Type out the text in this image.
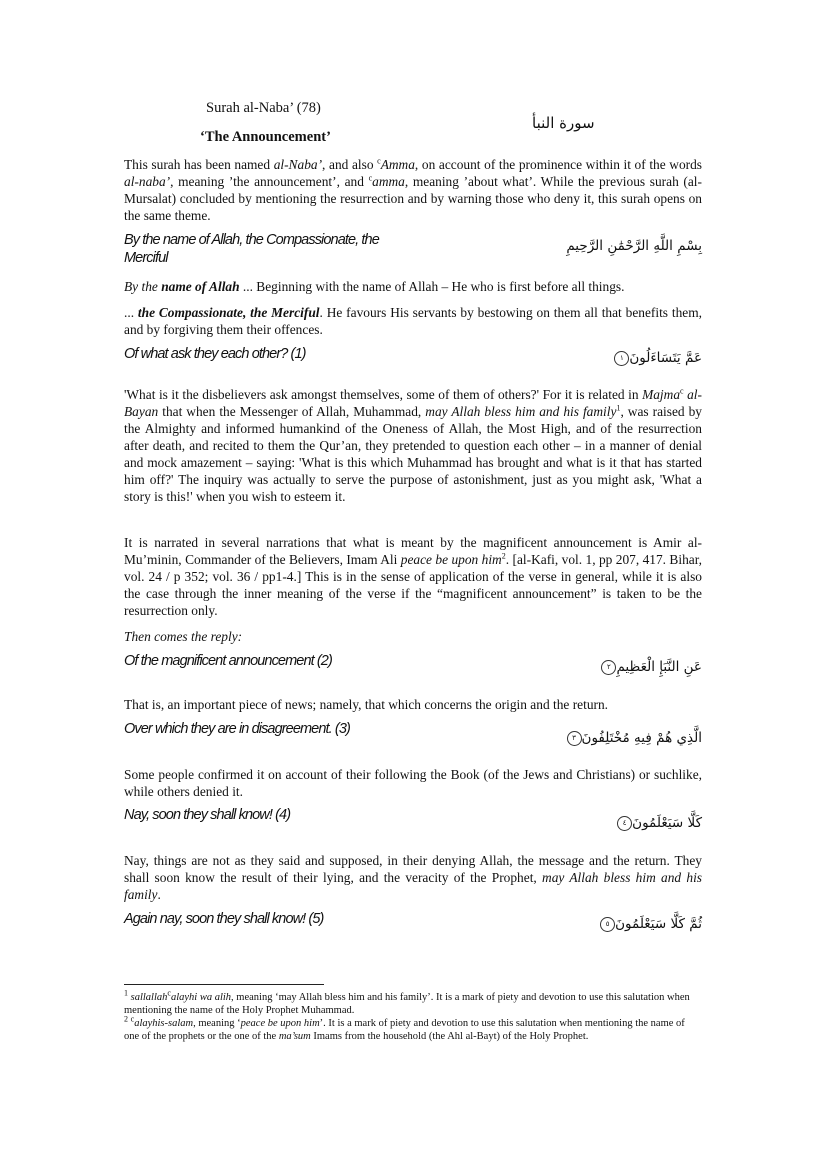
Surah al-Naba’ (78)
‘The Announcement’
سورة النبأ
This surah has been named al-Naba’, and also $^c$Amma, on account of the prominence within it of the words al-naba’, meaning ’the announcement’, and $^c$amma, meaning ’about what’. While the previous surah (al-Mursalat) concluded by mentioning the resurrection and by warning those who deny it, this surah opens on the same theme.
By the name of Allah, the Compassionate, the Merciful
بِسْمِ اللَّهِ الرَّحْمَٰنِ الرَّحِيمِ
By the name of Allah ... Beginning with the name of Allah – He who is first before all things.
... the Compassionate, the Merciful. He favours His servants by bestowing on them all that benefits them, and by forgiving them their offences.
Of what ask they each other? (1)	عَمَّ يَتَسَاءَلُونَ١
'What is it the disbelievers ask amongst themselves, some of them of others?' For it is related in Majma$^c$ al-Bayan that when the Messenger of Allah, Muhammad, may Allah bless him and his family$^1$, was raised by the Almighty and informed humankind of the Oneness of Allah, the Most High, and of the resurrection after death, and recited to them the Qur’an, they pretended to question each other – in a manner of denial and mock amazement – saying: 'What is this which Muhammad has brought and what is it that has started him off?' The inquiry was actually to serve the purpose of astonishment, just as you might ask, 'What a story is this!' when you wish to esteem it.
It is narrated in several narrations that what is meant by the magnificent announcement is Amir al-Mu’minin, Commander of the Believers, Imam Ali peace be upon him$^2$. [al-Kafi, vol. 1, pp 207, 417. Bihar, vol. 24 / p 352; vol. 36 / pp1-4.] This is in the sense of application of the verse in general, while it is also the case through the inner meaning of the verse if the “magnificent announcement” is taken to be the resurrection only.
Then comes the reply:
Of the magnificent announcement (2)	عَنِ النَّبَإِ الْعَظِيمِ٢
That is, an important piece of news; namely, that which concerns the origin and the return.
Over which they are in disagreement. (3)
الَّذِي هُمْ فِيهِ مُخْتَلِفُونَ٣
Some people confirmed it on account of their following the Book (of the Jews and Christians) or suchlike, while others denied it.
Nay, soon they shall know! (4)	كَلَّا سَيَعْلَمُونَ٤
Nay, things are not as they said and supposed, in their denying Allah, the message and the return. They shall soon know the result of their lying, and the veracity of the Prophet, may Allah bless him and his family.
Again nay, soon they shall know! (5)	ثُمَّ كَلَّا سَيَعْلَمُونَ٥
$^1$ sallallah$^c$alayhi wa alih, meaning ‘may Allah bless him and his family’. It is a mark of piety and devotion to use this salutation when mentioning the name of the Holy Prophet Muhammad.
$^2$ $^c$alayhis-salam, meaning ‘peace be upon him’. It is a mark of piety and devotion to use this salutation when mentioning the name of one of the prophets or the one of the ma’sum Imams from the household (the Ahl al-Bayt) of the Holy Prophet.
